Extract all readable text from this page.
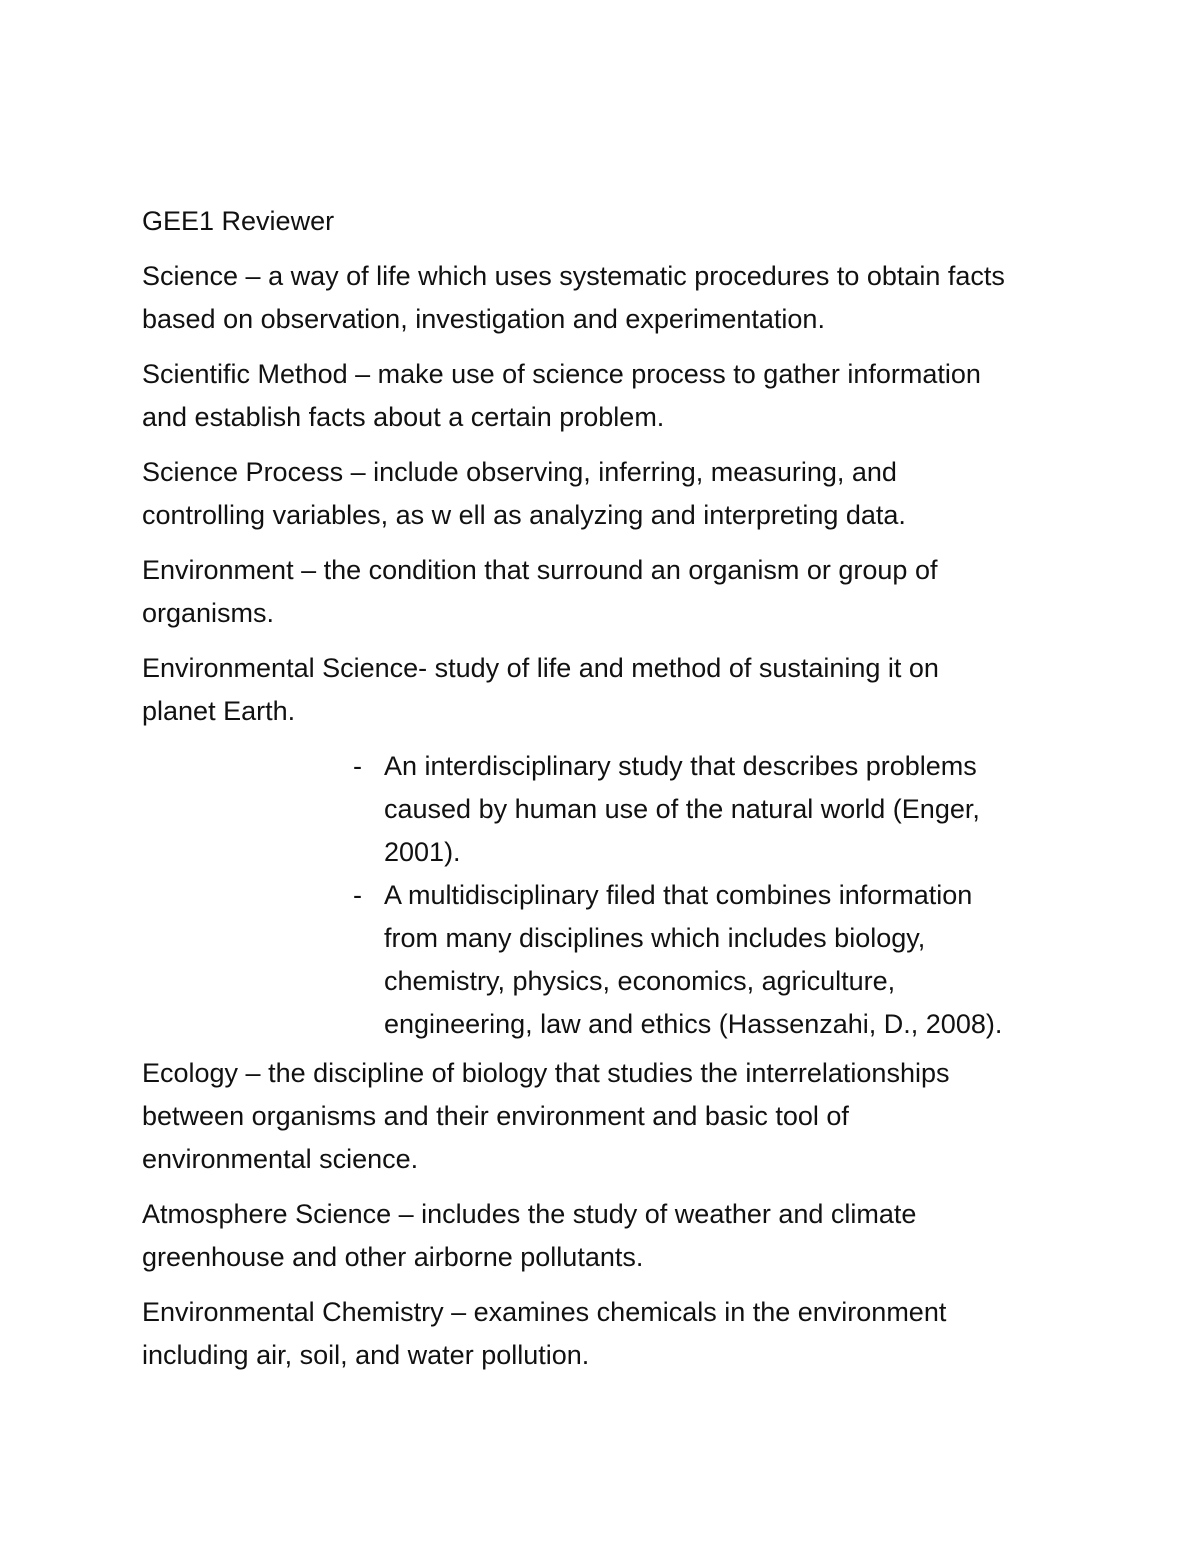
GEE1 Reviewer

Science – a way of life which uses systematic procedures to obtain facts

based on observation, investigation and experimentation.

Scientific Method – make use of science process to gather information

and establish facts about a certain problem.

Science Process – include observing, inferring, measuring, and

controlling variables, as w ell as analyzing and interpreting data.

Environment – the condition that surround an organism or group of

organisms.

Environmental Science- study of life and method of sustaining it on

planet Earth.

- An interdisciplinary study that describes problems

caused by human use of the natural world (Enger,

2001).

- A multidisciplinary filed that combines information

from many disciplines which includes biology,

chemistry, physics, economics, agriculture,

engineering, law and ethics (Hassenzahi, D., 2008).

Ecology – the discipline of biology that studies the interrelationships

between organisms and their environment and basic tool of

environmental science.

Atmosphere Science – includes the study of weather and climate

greenhouse and other airborne pollutants.

Environmental Chemistry – examines chemicals in the environment

including air, soil, and water pollution.
